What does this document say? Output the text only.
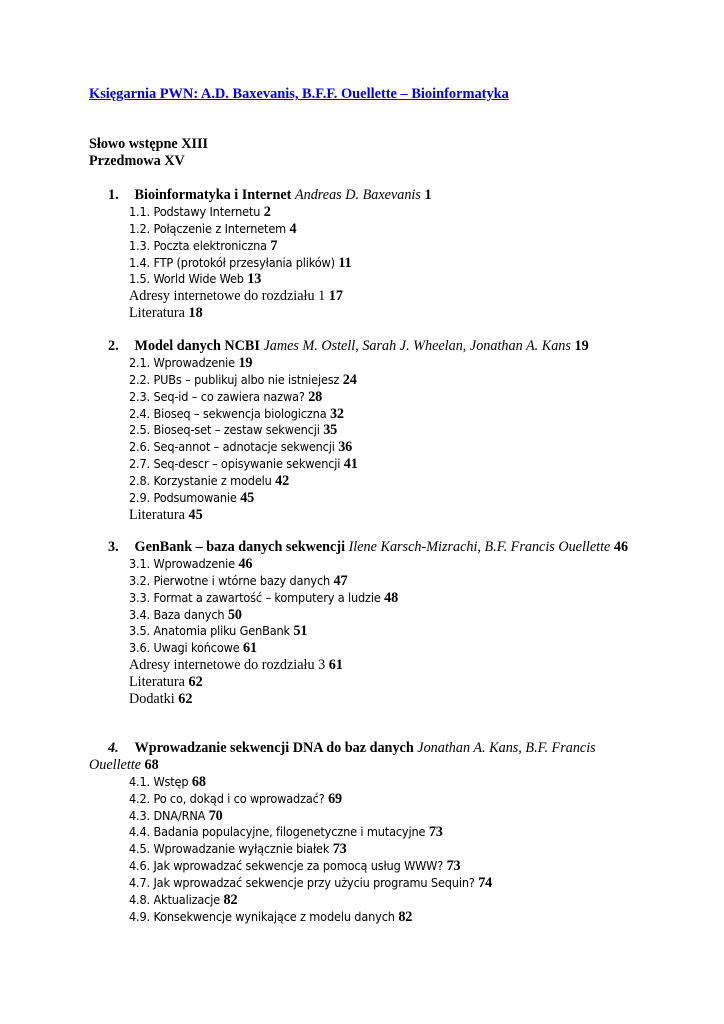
Księgarnia PWN: A.D. Baxevanis, B.F.F. Ouellette – Bioinformatyka
Słowo wstępne XIII
Przedmowa XV
1. Bioinformatyka i Internet Andreas D. Baxevanis 1
1.1. Podstawy Internetu 2
1.2. Połączenie z Internetem 4
1.3. Poczta elektroniczna 7
1.4. FTP (protokół przesyłania plików) 11
1.5. World Wide Web 13
Adresy internetowe do rozdziału 1 17
Literatura 18
2. Model danych NCBI James M. Ostell, Sarah J. Wheelan, Jonathan A. Kans 19
2.1. Wprowadzenie 19
2.2. PUBs – publikuj albo nie istniejesz 24
2.3. Seq-id – co zawiera nazwa? 28
2.4. Bioseq – sekwencja biologiczna 32
2.5. Bioseq-set – zestaw sekwencji 35
2.6. Seq-annot – adnotacje sekwencji 36
2.7. Seq-descr – opisywanie sekwencji 41
2.8. Korzystanie z modelu 42
2.9. Podsumowanie 45
Literatura 45
3. GenBank – baza danych sekwencji Ilene Karsch-Mizrachi, B.F. Francis Ouellette 46
3.1. Wprowadzenie 46
3.2. Pierwotne i wtórne bazy danych 47
3.3. Format a zawartość – komputery a ludzie 48
3.4. Baza danych 50
3.5. Anatomia pliku GenBank 51
3.6. Uwagi końcowe 61
Adresy internetowe do rozdziału 3 61
Literatura 62
Dodatki 62
4. Wprowadzanie sekwencji DNA do baz danych Jonathan A. Kans, B.F. Francis Ouellette 68
4.1. Wstęp 68
4.2. Po co, dokąd i co wprowadzać? 69
4.3. DNA/RNA 70
4.4. Badania populacyjne, filogenetyczne i mutacyjne 73
4.5. Wprowadzanie wyłącznie białek 73
4.6. Jak wprowadzać sekwencje za pomocą usług WWW? 73
4.7. Jak wprowadzać sekwencje przy użyciu programu Sequin? 74
4.8. Aktualizacje 82
4.9. Konsekwencje wynikające z modelu danych 82
